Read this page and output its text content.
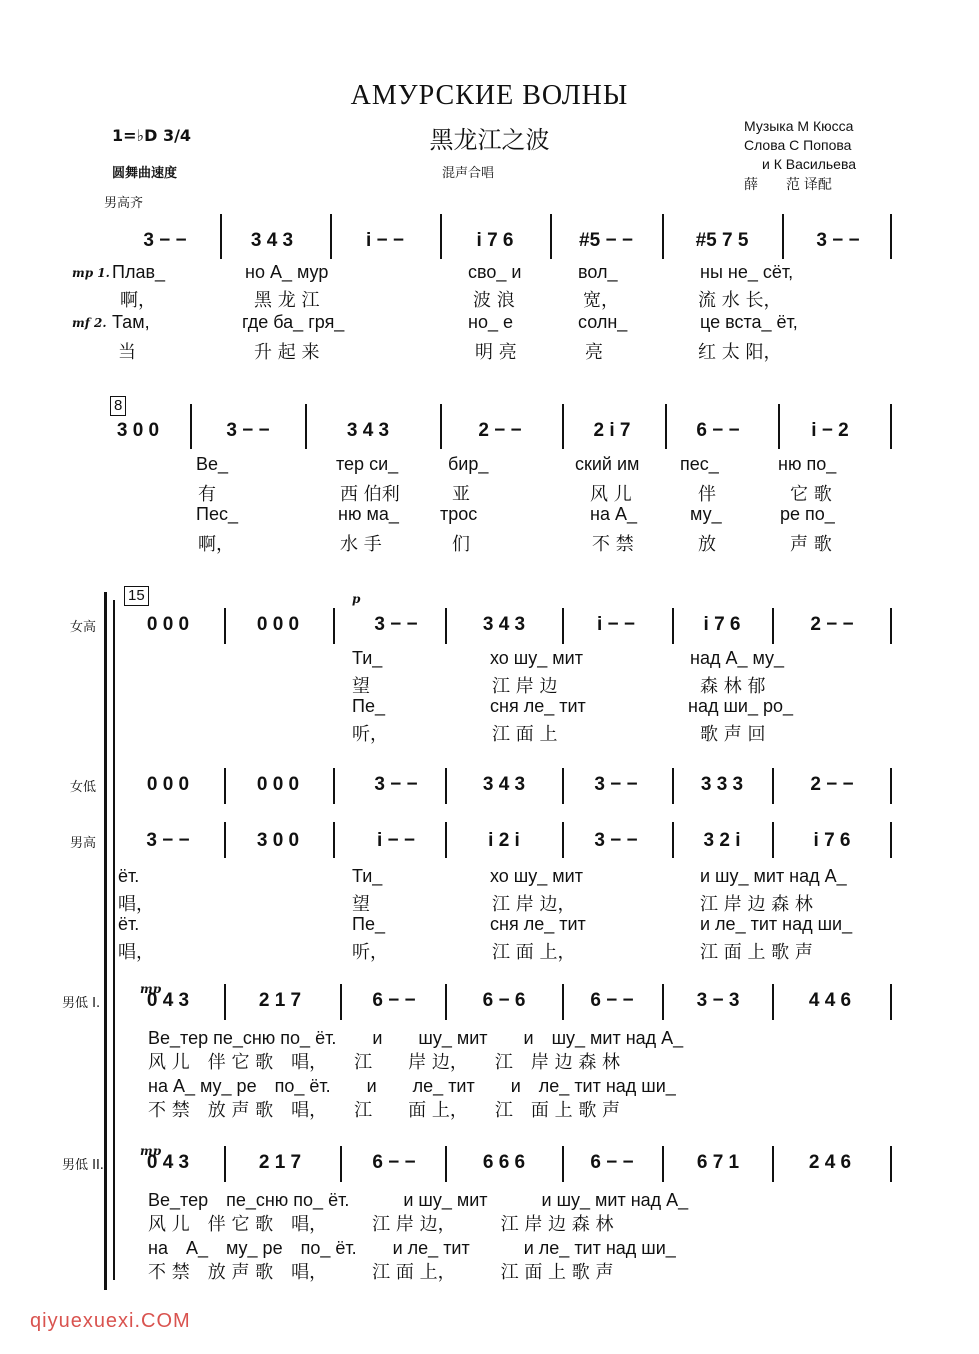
АМУРСКИЕ ВОЛНЫ
黑龙江之波
1=♭D 3/4
圆舞曲速度	混声合唱
男高齐
Музыка М Кюсса
Слова С Попова
и К Васильева
薛　　范 译配
3 − −	3 4 3	i − −	i 7 6	#5 − −	#5 7 5	3 − −
mp 1. Плав_	но А_ мур	сво_ и	вол_	ны не_ сёт,
啊，	黑 龙 江	波 浪	宽，	流 水 长，
mf 2. Там,	где ба_ гря_	но_ е	солн_	це вста_ ёт,
当	升 起 来	明 亮	亮	红 太 阳，
8
3 0 0	3 − −	3 4 3	2 − −	2 i 7	6 − −	i − 2
Ве_	тер си_	бир_	ский им пес_	ню по_
有	西 伯利	亚	风 儿	伴	它 歌
Пес_	ню ма_ трос	на А_	му_	ре по_
啊，	水 手	们	不 禁	放	声 歌
15
女高
p
0 0 0	0 0 0	3 − −	3 4 3	i − −	i 7 6	2 − −
Ти_	хо шу_ мит	над А_ му_
望	江 岸 边	森 林 郁
Пе_	сня ле_ тит	над ши_ ро_
听，	江 面 上	歌 声 回
女低	0 0 0	0 0 0	3 − −	3 4 3	3 − −	3 3 3	2 − −
男高	3 − −	3 0 0	i − −	i 2 i	3 − −	3 2 i	i 7 6
ёт.	Ти_	хо шу_ мит	и шу_ мит над А_
唱，	望	江 岸 边，	江 岸 边 森 林
ёт.	Пе_	сня ле_ тит	и ле_ тит над ши_
唱，	听，	江 面 上，	江 面 上 歌 声
男低 I.
mp
0 4 3	2 1 7	6 − −	6 − 6	6 − −	3 − 3	4 4 6
Ве_тер пе_сню по_ ёт.　　и　　шу_ мит　　и　шу_ мит над А_
风 儿　伴 它 歌　唱，　　江　　岸 边，　　江　岸 边 森 林
на А_ му_ ре　по_ ёт.　　и　　ле_ тит　　и　ле_ тит над ши_
不 禁　放 声 歌　唱，　　江　　面 上，　　江　面 上 歌 声
男低 II.
mp
0 4 3	2 1 7	6 − −	6 6 6	6 − −	6 7 1	2 4 6
Ве_тер　пе_сню по_ ёт.　　　и шу_ мит　　　и шу_ мит над А_
风 儿　伴 它 歌　唱，　　　江 岸 边，　　　江 岸 边 森 林
на　А_　му_ ре　по_ ёт.　　и ле_ тит　　　и ле_ тит над ши_
不 禁　放 声 歌　唱，　　　江 面 上，　　　江 面 上 歌 声
qiyuexuexi.COM
